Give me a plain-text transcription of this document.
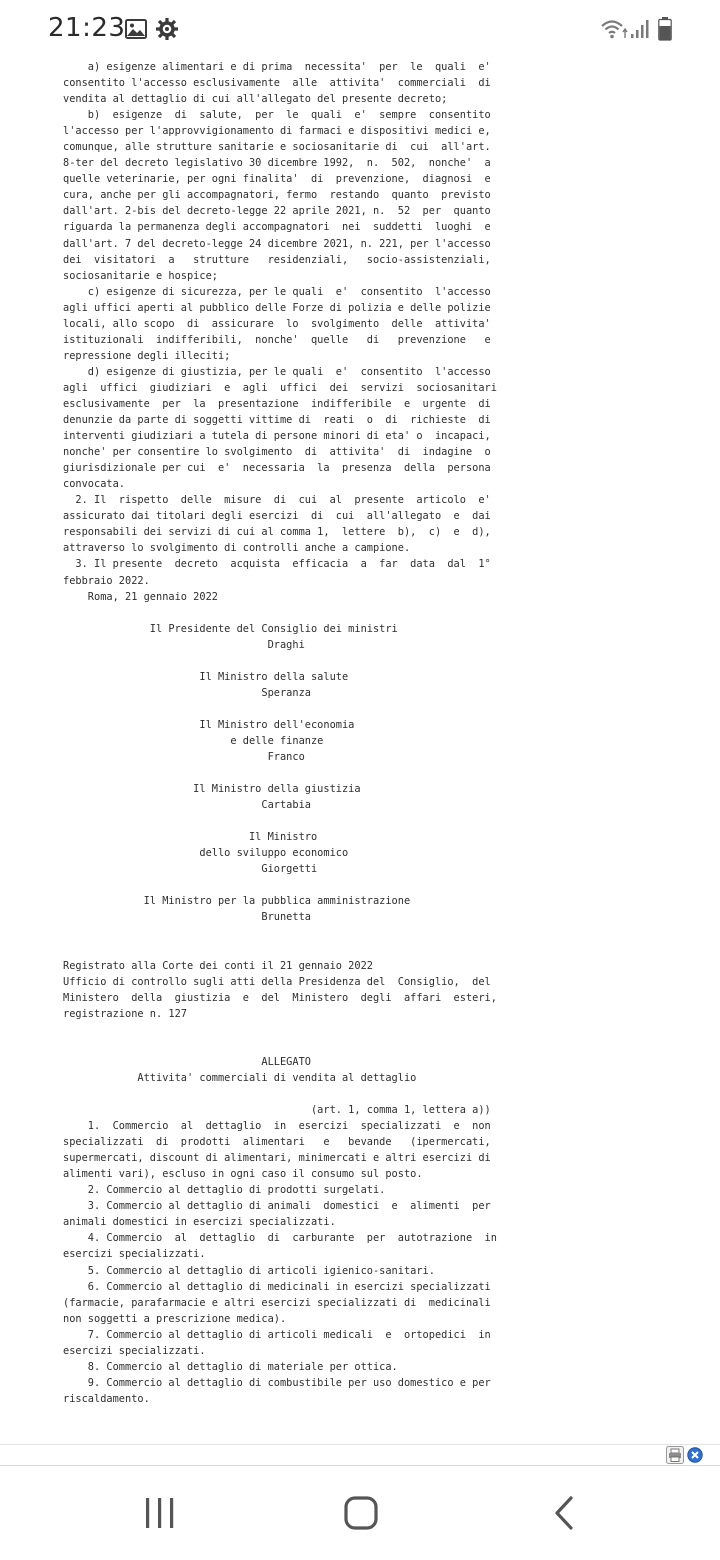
21:23
a) esigenze alimentari e di prima  necessita'  per  le  quali  e'
consentito l'accesso esclusivamente  alle  attivita'  commerciali  di
vendita al dettaglio di cui all'allegato del presente decreto;
b)  esigenze  di  salute,  per  le  quali  e'  sempre  consentito
l'accesso per l'approvvigionamento di farmaci e dispositivi medici e,
comunque, alle strutture sanitarie e sociosanitarie di  cui  all'art.
8-ter del decreto legislativo 30 dicembre 1992,  n.  502,  nonche'  a
quelle veterinarie, per ogni finalita'  di  prevenzione,  diagnosi  e
cura, anche per gli accompagnatori, fermo  restando  quanto  previsto
dall'art. 2-bis del decreto-legge 22 aprile 2021, n.  52  per  quanto
riguarda la permanenza degli accompagnatori  nei  suddetti  luoghi  e
dall'art. 7 del decreto-legge 24 dicembre 2021, n. 221, per l'accesso
dei  visitatori  a   strutture   residenziali,   socio-assistenziali,
sociosanitarie e hospice;
c) esigenze di sicurezza, per le quali  e'  consentito  l'accesso
agli uffici aperti al pubblico delle Forze di polizia e delle polizie
locali, allo scopo  di  assicurare  lo  svolgimento  delle  attivita'
istituzionali  indifferibili,  nonche'  quelle   di   prevenzione   e
repressione degli illeciti;
d) esigenze di giustizia, per le quali  e'  consentito  l'accesso
agli  uffici  giudiziari  e  agli  uffici  dei  servizi  sociosanitari
esclusivamente  per  la  presentazione  indifferibile  e  urgente  di
denunzie da parte di soggetti vittime di  reati  o  di  richieste  di
interventi giudiziari a tutela di persone minori di eta' o  incapaci,
nonche' per consentire lo svolgimento  di  attivita'  di  indagine  o
giurisdizionale per cui  e'  necessaria  la  presenza  della  persona
convocata.
2. Il  rispetto  delle  misure  di  cui  al  presente  articolo  e'
assicurato dai titolari degli esercizi  di  cui  all'allegato  e  dai
responsabili dei servizi di cui al comma 1,  lettere  b),  c)  e  d),
attraverso lo svolgimento di controlli anche a campione.
3. Il presente  decreto  acquista  efficacia  a  far  data  dal  1°
febbraio 2022.
Roma, 21 gennaio 2022

Il Presidente del Consiglio dei ministri
Draghi

Il Ministro della salute
Speranza

Il Ministro dell'economia
e delle finanze
Franco

Il Ministro della giustizia
Cartabia

Il Ministro
dello sviluppo economico
Giorgetti

Il Ministro per la pubblica amministrazione
Brunetta

Registrato alla Corte dei conti il 21 gennaio 2022
Ufficio di controllo sugli atti della Presidenza del  Consiglio,  del
Ministero  della  giustizia  e  del  Ministero  degli  affari  esteri,
registrazione n. 127

ALLEGATO
Attivita' commerciali di vendita al dettaglio

(art. 1, comma 1, lettera a))
1.  Commercio  al  dettaglio  in  esercizi  specializzati  e  non
specializzati  di  prodotti  alimentari   e   bevande   (ipermercati,
supermercati, discount di alimentari, minimercati e altri esercizi di
alimenti vari), escluso in ogni caso il consumo sul posto.
2. Commercio al dettaglio di prodotti surgelati.
3. Commercio al dettaglio di animali  domestici  e  alimenti  per
animali domestici in esercizi specializzati.
4. Commercio  al  dettaglio  di  carburante  per  autotrazione  in
esercizi specializzati.
5. Commercio al dettaglio di articoli igienico-sanitari.
6. Commercio al dettaglio di medicinali in esercizi specializzati
(farmacie, parafarmacie e altri esercizi specializzati di  medicinali
non soggetti a prescrizione medica).
7. Commercio al dettaglio di articoli medicali  e  ortopedici  in
esercizi specializzati.
8. Commercio al dettaglio di materiale per ottica.
9. Commercio al dettaglio di combustibile per uso domestico e per
riscaldamento.
